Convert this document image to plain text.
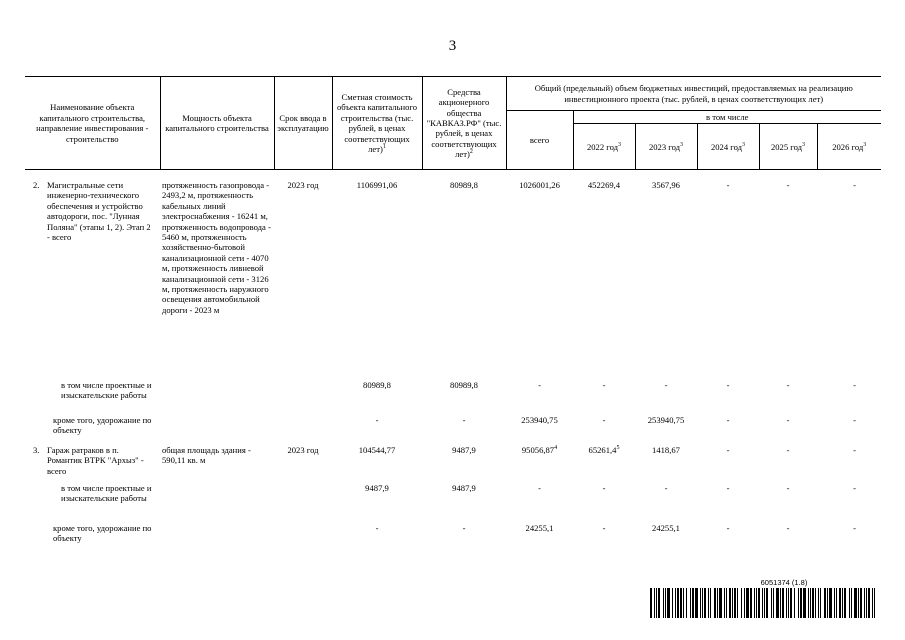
3
Наименование объекта капитального строительства, направление инвестирования - строительство	Мощность объекта капитального строительства	Срок ввода в эксплуатацию	Сметная стоимость объекта капитального строительства (тыс. рублей, в ценах соответствующих лет)$^1$	Средства акционерного общества "КАВКАЗ.РФ" (тыс. рублей, в ценах соответствующих лет)$^2$	Общий (предельный) объем бюджетных инвестиций, предоставляемых на реализацию инвестиционного проекта (тыс. рублей, в ценах соответствующих лет)					
					всего	в том числе				
						2022 год$^3$	2023 год$^3$	2024 год$^3$	2025 год$^3$	2026 год$^3$

2. Магистральные сети инженерно-технического обеспечения и устройство автодороги, пос. "Лунная Поляна" (этапы 1, 2). Этап 2 - всего	протяженность газопровода - 2493,2 м, протяженность кабельных линий электроснабжения - 16241 м, протяженность водопровода - 5460 м, протяженность хозяйственно-бытовой канализационной сети - 4070 м, протяженность ливневой канализационной сети - 3126 м, протяженность наружного освещения автомобильной дороги - 2023 м	2023 год	1106991,06	80989,8	1026001,26	452269,4	3567,96	-	-	-
в том числе проектные и изыскательские работы			80989,8	80989,8	-	-	-	-	-	-
кроме того, удорожание по объекту			-	-	253940,75	-	253940,75	-	-	-
3. Гараж ратраков в п. Романтик ВТРК "Архыз" - всего	общая площадь здания - 590,11 кв. м	2023 год	104544,77	9487,9	95056,87$^4$	65261,4$^5$	1418,67	-	-	-
в том числе проектные и изыскательские работы			9487,9	9487,9	-	-	-	-	-	-
кроме того, удорожание по объекту			-	-	24255,1	-	24255,1	-	-	-
6051374 (1.8)
